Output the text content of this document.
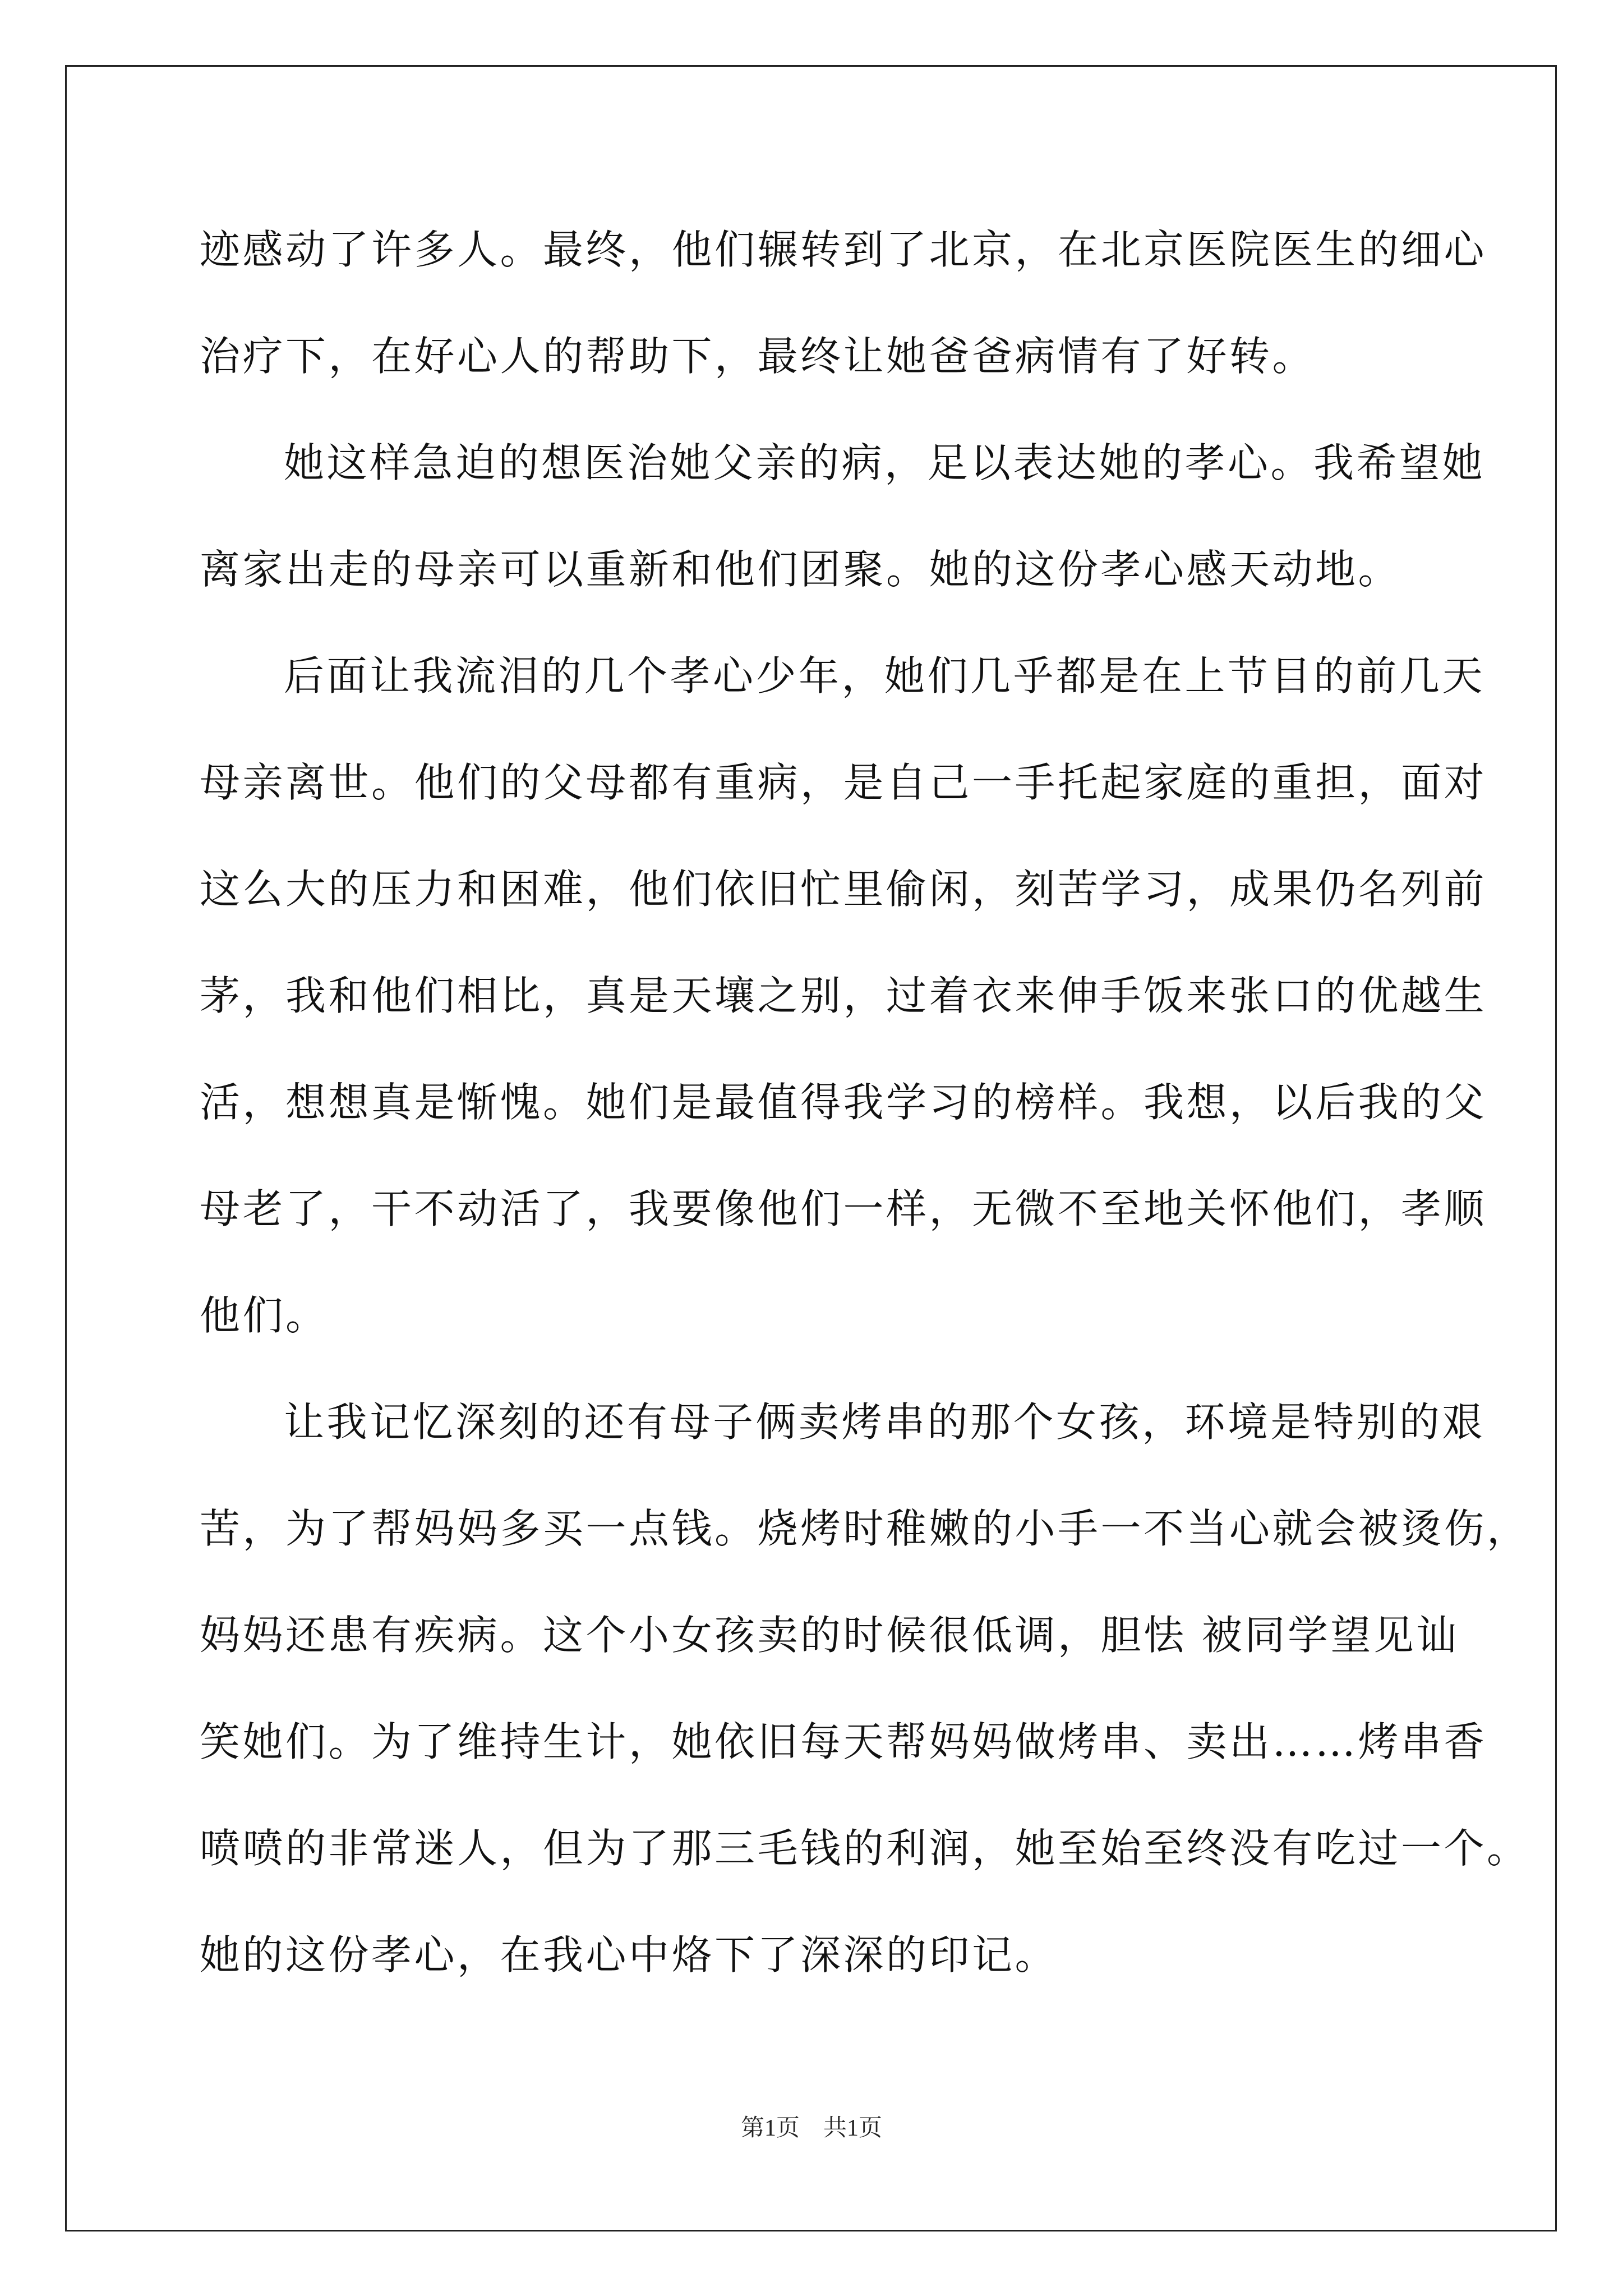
迹感动了许多人。最终，他们辗转到了北京，在北京医院医生的细心
治疗下，在好心人的帮助下，最终让她爸爸病情有了好转。
她这样急迫的想医治她父亲的病，足以表达她的孝心。我希望她
离家出走的母亲可以重新和他们团聚。她的这份孝心感天动地。
后面让我流泪的几个孝心少年，她们几乎都是在上节目的前几天
母亲离世。他们的父母都有重病，是自己一手托起家庭的重担，面对
这么大的压力和困难，他们依旧忙里偷闲，刻苦学习，成果仍名列前
茅，我和他们相比，真是天壤之别，过着衣来伸手饭来张口的优越生
活，想想真是惭愧。她们是最值得我学习的榜样。我想，以后我的父
母老了，干不动活了，我要像他们一样，无微不至地关怀他们，孝顺
他们。
让我记忆深刻的还有母子俩卖烤串的那个女孩，环境是特别的艰
苦，为了帮妈妈多买一点钱。烧烤时稚嫩的小手一不当心就会被烫伤，
妈妈还患有疾病。这个小女孩卖的时候很低调，胆怯 被同学望见讪
笑她们。为了维持生计，她依旧每天帮妈妈做烤串、卖出……烤串香
喷喷的非常迷人，但为了那三毛钱的利润，她至始至终没有吃过一个。
她的这份孝心，在我心中烙下了深深的印记。
第1页 共1页
